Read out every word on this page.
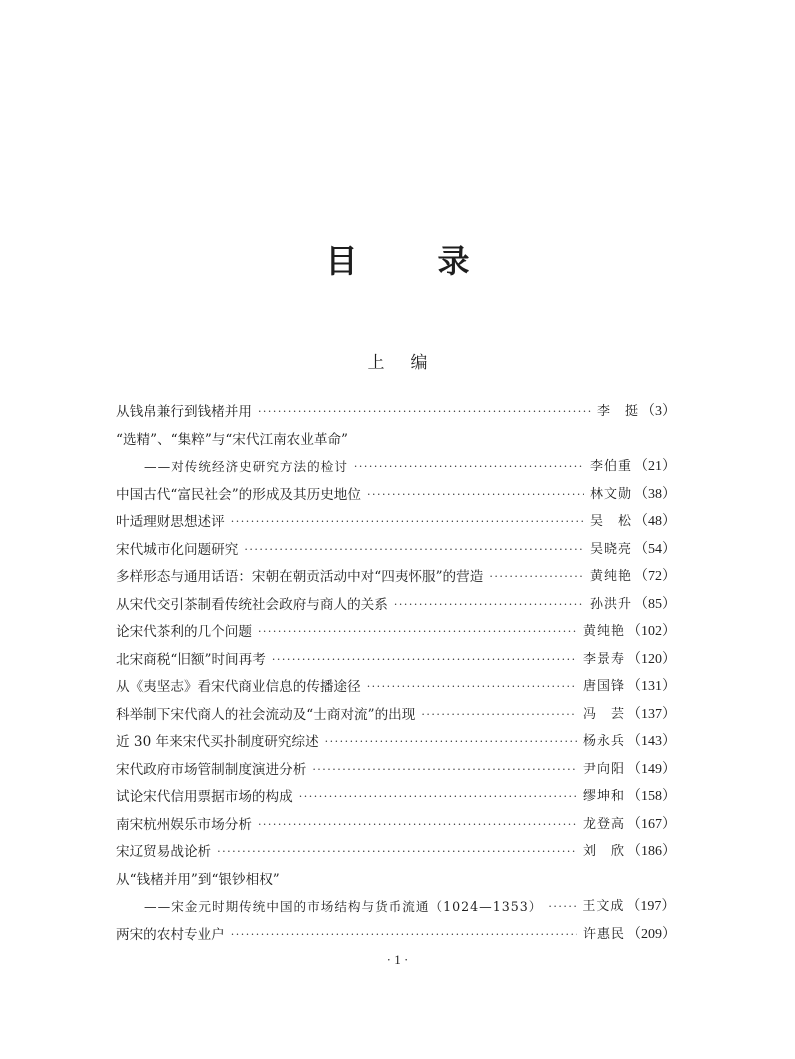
目	录
上 编
从钱帛兼行到钱楮并用 ·····	李　挺 （3）
“选精”、“集粹”与“宋代江南农业革命”
——对传统经济史研究方法的检讨 ·····	李伯重 （21）
中国古代“富民社会”的形成及其历史地位 ·····	林文勋 （38）
叶适理财思想述评 ·····	吴　松 （48）
宋代城市化问题研究 ·····	吴晓亮 （54）
多样形态与通用话语：宋朝在朝贡活动中对“四夷怀服”的营造 ·····	黄纯艳 （72）
从宋代交引茶制看传统社会政府与商人的关系 ·····	孙洪升 （85）
论宋代茶利的几个问题 ·····	黄纯艳 （102）
北宋商税“旧额”时间再考 ·····	李景寿 （120）
从《夷坚志》看宋代商业信息的传播途径 ·····	唐国锋 （131）
科举制下宋代商人的社会流动及“士商对流”的出现 ·····	冯　芸 （137）
近 30 年来宋代买扑制度研究综述 ·····	杨永兵 （143）
宋代政府市场管制制度演进分析 ·····	尹向阳 （149）
试论宋代信用票据市场的构成 ·····	缪坤和 （158）
南宋杭州娱乐市场分析 ·····	龙登高 （167）
宋辽贸易战论析 ·····	刘　欣 （186）
从“钱楮并用”到“银钞相权”
——宋金元时期传统中国的市场结构与货币流通（1024—1353） ·····	王文成 （197）
两宋的农村专业户 ·····	许惠民 （209）
· 1 ·
